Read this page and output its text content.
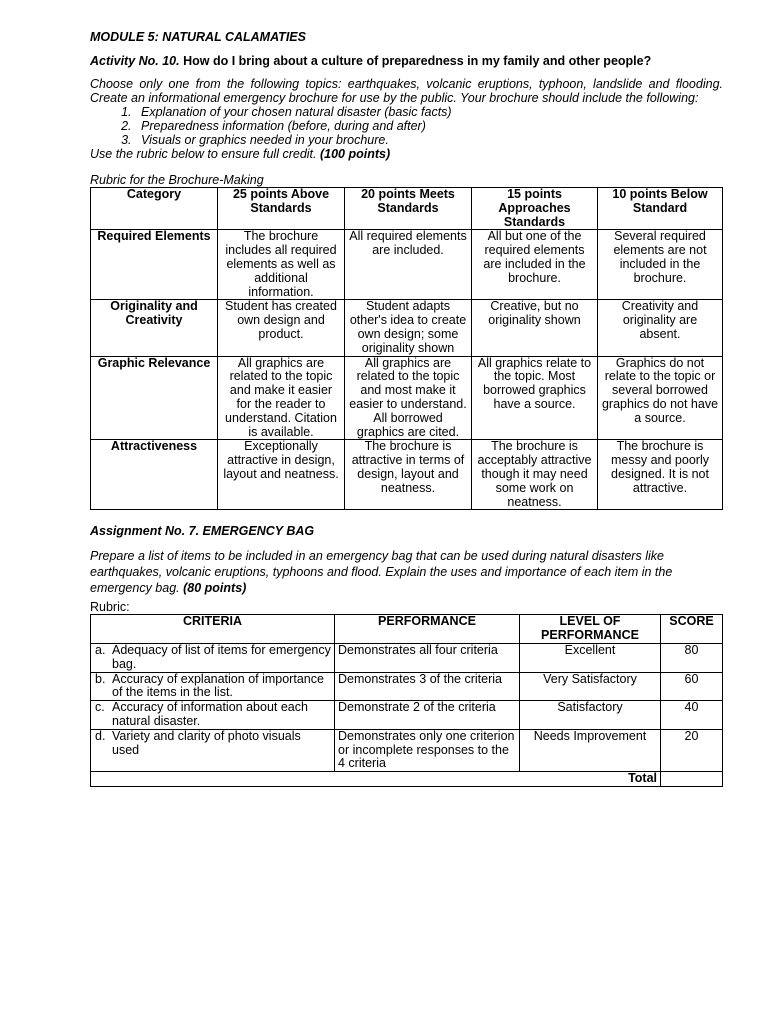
MODULE 5: NATURAL CALAMATIES
Activity No. 10. How do I bring about a culture of preparedness in my family and other people?

Choose only one from the following topics: earthquakes, volcanic eruptions, typhoon, landslide and flooding. Create an informational emergency brochure for use by the public. Your brochure should include the following:

1. Explanation of your chosen natural disaster (basic facts)
2. Preparedness information (before, during and after)
3. Visuals or graphics needed in your brochure.

Use the rubric below to ensure full credit. (100 points)

Rubric for the Brochure-Making

Category	25 points Above Standards	20 points Meets Standards	15 points Approaches Standards	10 points Below Standard
Required Elements	The brochure includes all required elements as well as additional information.	All required elements are included.	All but one of the required elements are included in the brochure.	Several required elements are not included in the brochure.
Originality and Creativity	Student has created own design and product.	Student adapts other's idea to create own design; some originality shown	Creative, but no originality shown	Creativity and originality are absent.
Graphic Relevance	All graphics are related to the topic and make it easier for the reader to understand. Citation is available.	All graphics are related to the topic and most make it easier to understand. All borrowed graphics are cited.	All graphics relate to the topic. Most borrowed graphics have a source.	Graphics do not relate to the topic or several borrowed graphics do not have a source.
Attractiveness	Exceptionally attractive in design, layout and neatness.	The brochure is attractive in terms of design, layout and neatness.	The brochure is acceptably attractive though it may need some work on neatness.	The brochure is messy and poorly designed. It is not attractive.
Assignment No. 7. EMERGENCY BAG

Prepare a list of items to be included in an emergency bag that can be used during natural disasters like earthquakes, volcanic eruptions, typhoons and flood. Explain the uses and importance of each item in the emergency bag. (80 points)

Rubric:

CRITERIA	PERFORMANCE	LEVEL OF PERFORMANCE	SCORE

a. Adequacy of list of items for emergency bag.	Demonstrates all four criteria	Excellent	80

b. Accuracy of explanation of importance of the items in the list.	Demonstrates 3 of the criteria	Very Satisfactory	60

c. Accuracy of information about each natural disaster.	Demonstrate 2 of the criteria	Satisfactory	40

d. Variety and clarity of photo visuals used	Demonstrates only one criterion or incomplete responses to the 4 criteria	Needs Improvement	20
Total			
